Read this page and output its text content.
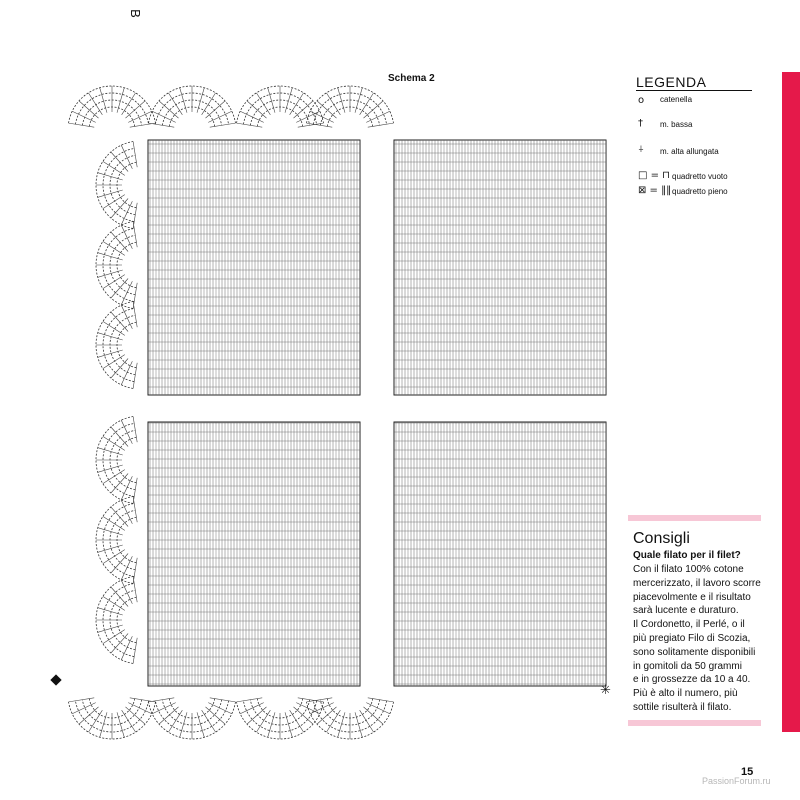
B
Schema 2	LEGENDA
o catenella
† m. bassa
⍭ m. alta allungata
□ = ⊓ quadretto vuoto
⊠ = ‖‖ quadretto pieno
Consigli
Quale filato per il filet?
Con il filato 100% cotone
mercerizzato, il lavoro scorre
piacevolmente e il risultato
sarà lucente e duraturo.
Il Cordonetto, il Perlé, o il
più pregiato Filo di Scozia,
sono solitamente disponibili
in gomitoli da 50 grammi
e in grossezze da 10 a 40.
Più è alto il numero, più
sottile risulterà il filato.
✳
15
PassionForum.ru
